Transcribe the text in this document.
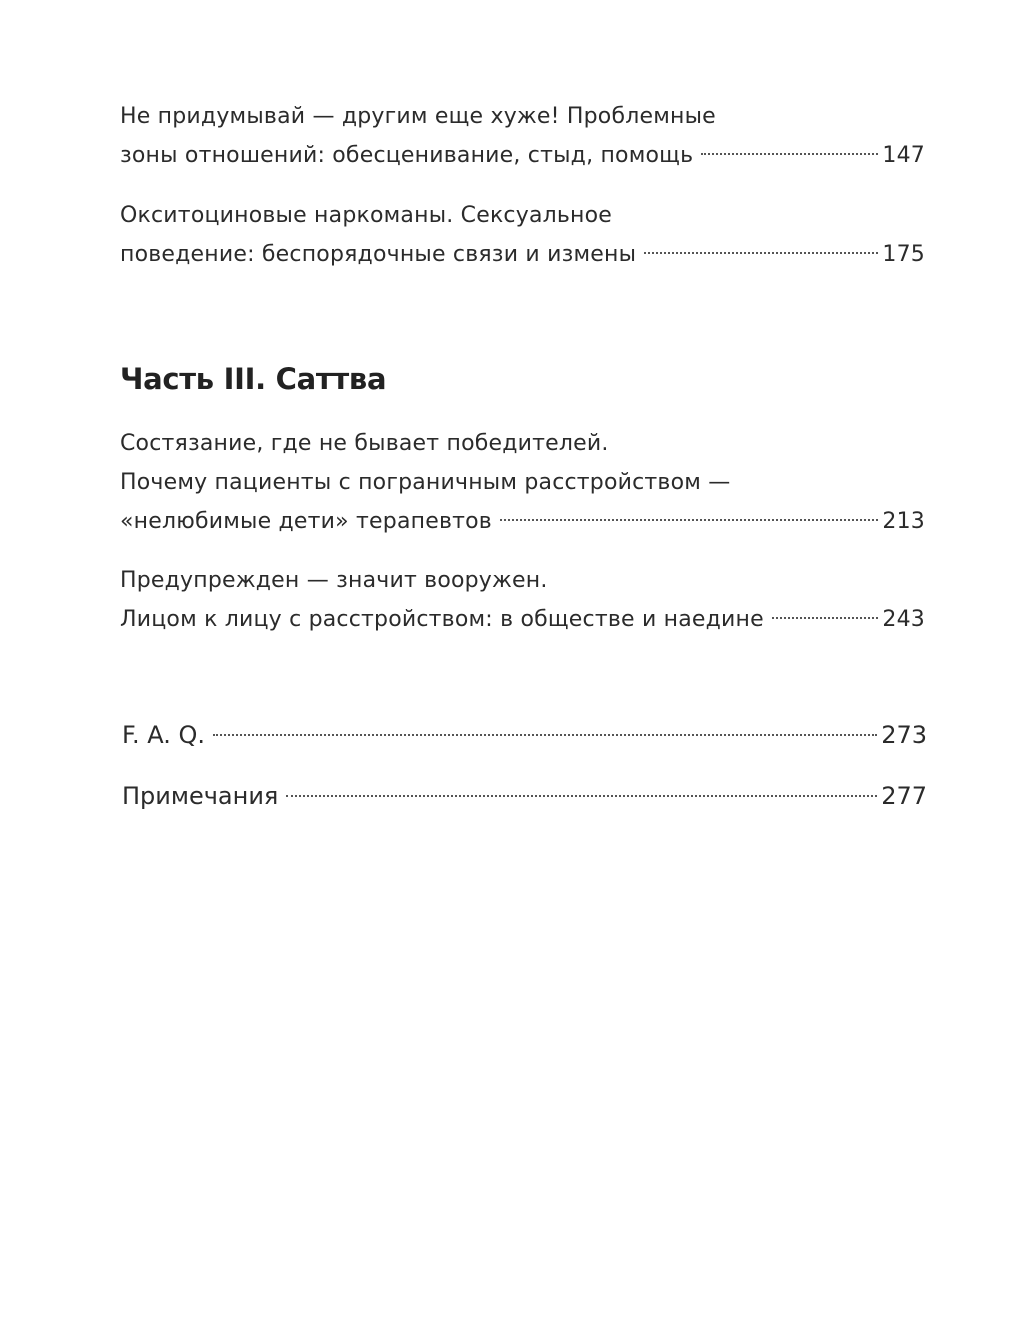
Не придумывай — другим еще хуже! Проблемные
зоны отношений: обесценивание, стыд, помощь	147
Окситоциновые наркоманы. Сексуальное
поведение: беспорядочные связи и измены	175
Часть III. Саттва
Состязание, где не бывает победителей.
Почему пациенты с пограничным расстройством —
«нелюбимые дети» терапевтов	213
Предупрежден — значит вооружен.
Лицом к лицу с расстройством: в обществе и наедине	243
F. A. Q.	273
Примечания	277
